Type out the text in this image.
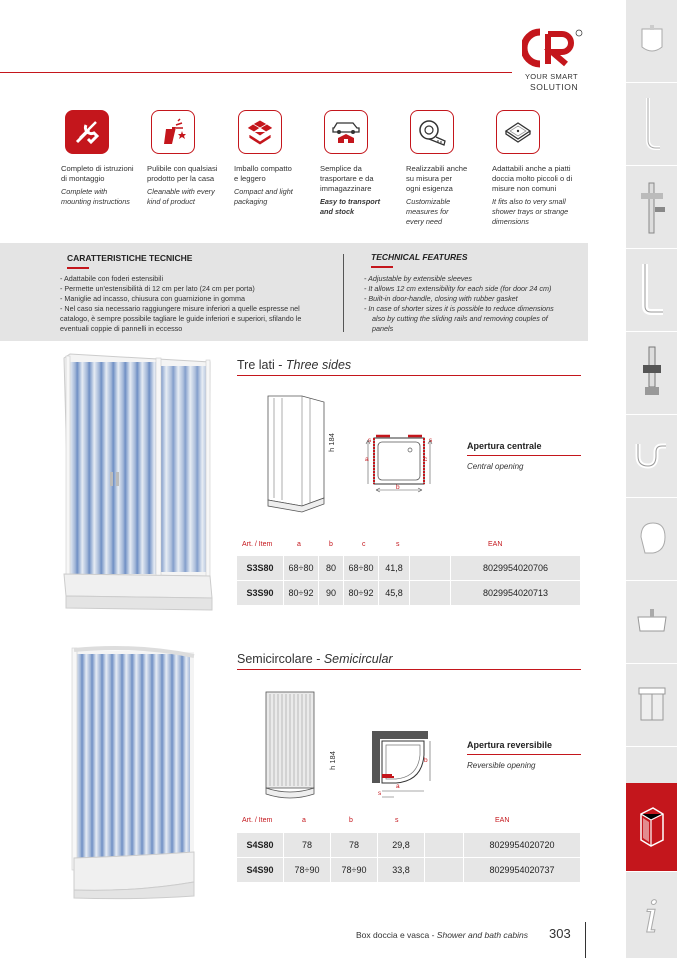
YOUR SMART
SOLUTION
Completo di istruzioni
di montaggio
Complete with
mounting instructions
Pulibile con qualsiasi
prodotto per la casa
Cleanable with every
kind of product
Imballo compatto
e leggero
Compact and light
packaging
Semplice da
trasportare e da
immagazzinare
Easy to transport
and stock
Realizzabili anche
su misura per
ogni esigenza
Customizable
measures for
every need
Adattabili anche a piatti
doccia molto piccoli o di
misure non comuni
It fits also to very small
shower trays or strange
dimensions
CARATTERISTICHE TECNICHE
- Adattabile con foderi estensibili
- Permette un'estensibilità di 12 cm per lato (24 cm per porta)
- Maniglie ad incasso, chiusura con guarnizione in gomma
- Nel caso sia necessario raggiungere misure inferiori a quelle espresse nel
catalogo, è sempre possibile tagliare le guide inferiori e superiori, sfilando le
eventuali coppie di pannelli in eccesso
TECHNICAL FEATURES
- Adjustable by extensible sleeves
- It allows 12 cm extensibility for each side (for door 24 cm)
- Built-in door-handle, closing with rubber gasket
- In case of shorter sizes it is possible to reduce dimensions
also by cutting the sliding rails and removing couples of
panels
Tre lati - Three sides
h 184
a	c
b
s	s
Apertura centrale
Central opening
Art. / Item	a	b	c	s	EAN
S3S80	68÷80	80	68÷80	41,8		8029954020706
S3S90	80÷92	90	80÷92	45,8		8029954020713
Semicircolare - Semicircular
h 184	b
a
s
Apertura reversibile
Reversible opening
Art. / Item	a	b	s	EAN
S4S80	78	78	29,8		8029954020720
S4S90	78÷90	78÷90	33,8		8029954020737
Box doccia e vasca - Shower and bath cabins 303 i
